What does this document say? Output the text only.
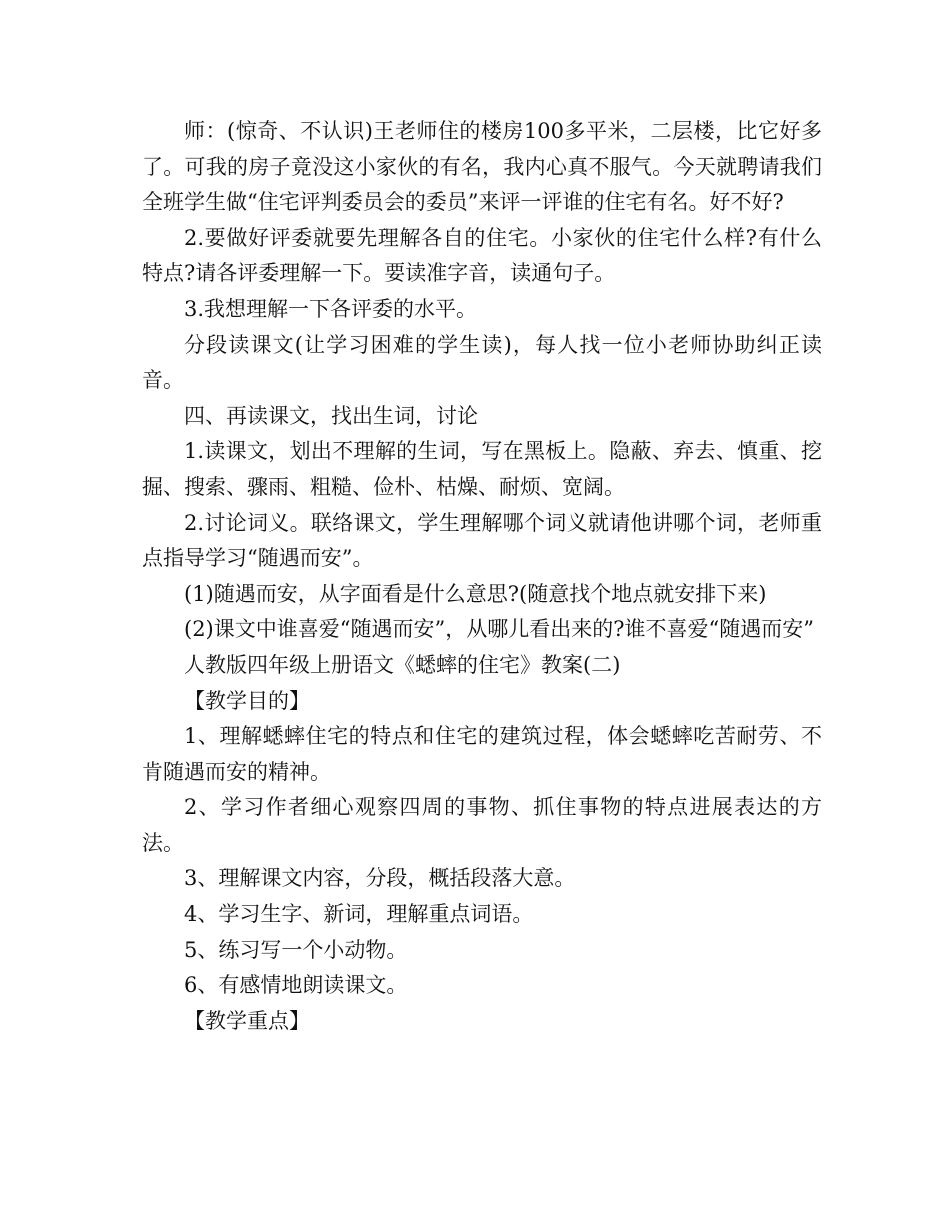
师：(惊奇、不认识)王老师住的楼房100多平米，二层楼，比它好多了。可我的房子竟没这小家伙的有名，我内心真不服气。今天就聘请我们全班学生做“住宅评判委员会的委员”来评一评谁的住宅有名。好不好?

2.要做好评委就要先理解各自的住宅。小家伙的住宅什么样?有什么特点?请各评委理解一下。要读准字音，读通句子。

3.我想理解一下各评委的水平。

分段读课文(让学习困难的学生读)，每人找一位小老师协助纠正读音。

四、再读课文，找出生词，讨论

1.读课文，划出不理解的生词，写在黑板上。隐蔽、弃去、慎重、挖掘、搜索、骤雨、粗糙、俭朴、枯燥、耐烦、宽阔。

2.讨论词义。联络课文，学生理解哪个词义就请他讲哪个词，老师重点指导学习“随遇而安”。

(1)随遇而安，从字面看是什么意思?(随意找个地点就安排下来)

(2)课文中谁喜爱“随遇而安”，从哪儿看出来的?谁不喜爱“随遇而安”

人教版四年级上册语文《蟋蟀的住宅》教案(二)

【教学目的】

1、理解蟋蟀住宅的特点和住宅的建筑过程，体会蟋蟀吃苦耐劳、不肯随遇而安的精神。

2、学习作者细心观察四周的事物、抓住事物的特点进展表达的方法。

3、理解课文内容，分段，概括段落大意。

4、学习生字、新词，理解重点词语。

5、练习写一个小动物。

6、有感情地朗读课文。

【教学重点】
